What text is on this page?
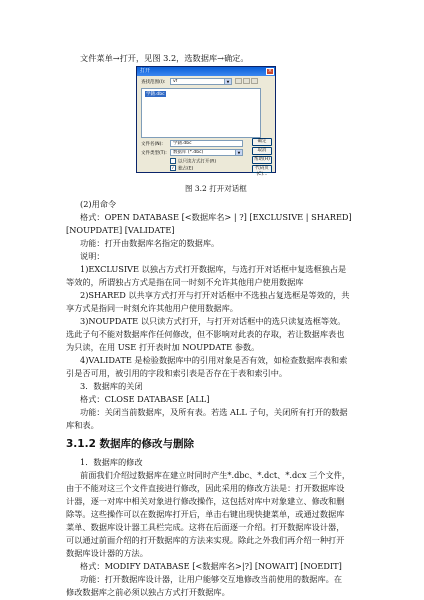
文件菜单→打开，见图 3.2，选数据库→确定。
打开	×
查找范围(I):	vf	▼
学籍.dbc
文件名(N):	学籍.dbc
文件类型(T):	数据库 (*.dbc)	▼
以只读方式打开(R)
✓ 独占(E)
确定
取消
帮助(H)
代码页(C)...
图 3.2 打开对话框
(2)用命令
格式：OPEN DATABASE [<数据库名> | ?] [EXCLUSIVE | SHARED]
[NOUPDATE] [VALIDATE]
功能：打开由数据库名指定的数据库。
说明：
1)EXCLUSIVE 以独占方式打开数据库，与选打开对话框中复选框独占是
等效的，所谓独占方式是指在同一时刻不允许其他用户使用数据库
2)SHARED 以共享方式打开与打开对话框中不选独占复选框是等效的，共
享方式是指同一时刻允许其他用户使用数据库。
3)NOUPDATE 以只读方式打开，与打开对话框中的选只读复选框等效。
选此子句不能对数据库作任何修改，但不影响对此表的存取，若让数据库表也
为只读，在用 USE 打开表时加 NOUPDATE 参数。
4)VALIDATE 是检验数据库中的引用对象是否有效，如检查数据库表和索
引是否可用，被引用的字段和索引表是否存在于表和索引中。
3．数据库的关闭
格式：CLOSE DATABASE [ALL]
功能：关闭当前数据库，及所有表。若选 ALL 子句，关闭所有打开的数据
库和表。
3.1.2 数据库的修改与删除
1．数据库的修改
前面我们介绍过数据库在建立时同时产生*.dbc、*.dct、*.dcx 三个文件，
由于不能对这三个文件直接进行修改，因此采用的修改方法是：打开数据库设
计器，逐一对库中相关对象进行修改操作，这包括对库中对象建立、修改和删
除等。这些操作可以在数据库打开后，单击右键出现快捷菜单，或通过数据库
菜单、数据库设计器工具栏完成。这将在后面逐一介绍。打开数据库设计器，
可以通过前面介绍的打开数据库的方法来实现。除此之外我们再介绍一种打开
数据库设计器的方法。
格式：MODIFY DATABASE [<数据库名>|?] [NOWAIT] [NOEDIT]
功能：打开数据库设计器，让用户能够交互地修改当前使用的数据库。在
修改数据库之前必须以独占方式打开数据库。
